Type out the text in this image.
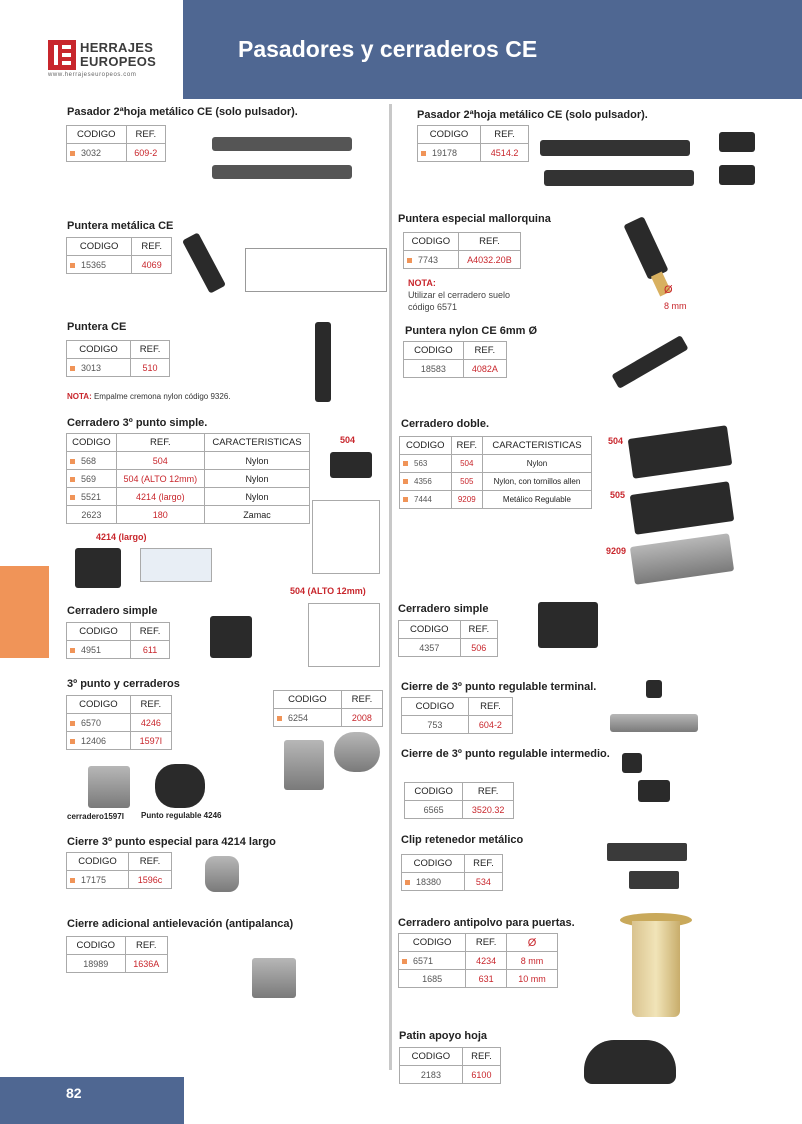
Pasadores y cerraderos CE
HERRAJES
EUROPEOS
www.herrajeseuropeos.com
82
Pasador 2ªhoja metálico CE (solo pulsador).
CODIGO	REF.
3032	609-2
Pasador 2ªhoja metálico CE (solo pulsador).
CODIGO	REF.
19178	4514.2
Puntera metálica CE
CODIGO	REF.
15365	4069
Puntera especial mallorquina
CODIGO	REF.
7743	A4032.20B
NOTA:
Utilizar el cerradero suelo código 6571
Ø
8 mm
Puntera CE
CODIGO	REF.
3013	510
NOTA: Empalme cremona nylon código 9326.
Puntera nylon CE 6mm Ø
CODIGO	REF.
18583	4082A
Cerradero 3º punto simple.
CODIGO	REF.	CARACTERISTICAS
568	504	Nylon
569	504 (ALTO 12mm)	Nylon
5521	4214 (largo)	Nylon
2623	180	Zamac
504
4214 (largo)
504 (ALTO 12mm)
Cerradero doble.
CODIGO	REF.	CARACTERISTICAS
563	504	Nylon
4356	505	Nylon, con tornillos allen
7444	9209	Metálico Regulable
504
505
9209
Cerradero simple
CODIGO	REF.
4951	611
Cerradero simple
CODIGO	REF.
4357	506
3º punto y cerraderos
CODIGO	REF.
6570	4246
12406	1597I
CODIGO	REF.
6254	2008
cerradero1597I Punto regulable 4246
Cierre de 3º punto regulable terminal.
CODIGO	REF.
753	604-2
Cierre de 3º punto regulable intermedio.
CODIGO	REF.
6565	3520.32
Cierre 3º punto especial para 4214 largo
CODIGO	REF.
17175	1596c
Clip retenedor metálico
CODIGO	REF.
18380	534
Cierre adicional antielevación (antipalanca)
CODIGO	REF.
18989	1636A
Cerradero antipolvo para puertas.
CODIGO	REF.	Ø
6571	4234	8 mm
1685	631	10 mm
Patin apoyo hoja
CODIGO	REF.
2183	6100
